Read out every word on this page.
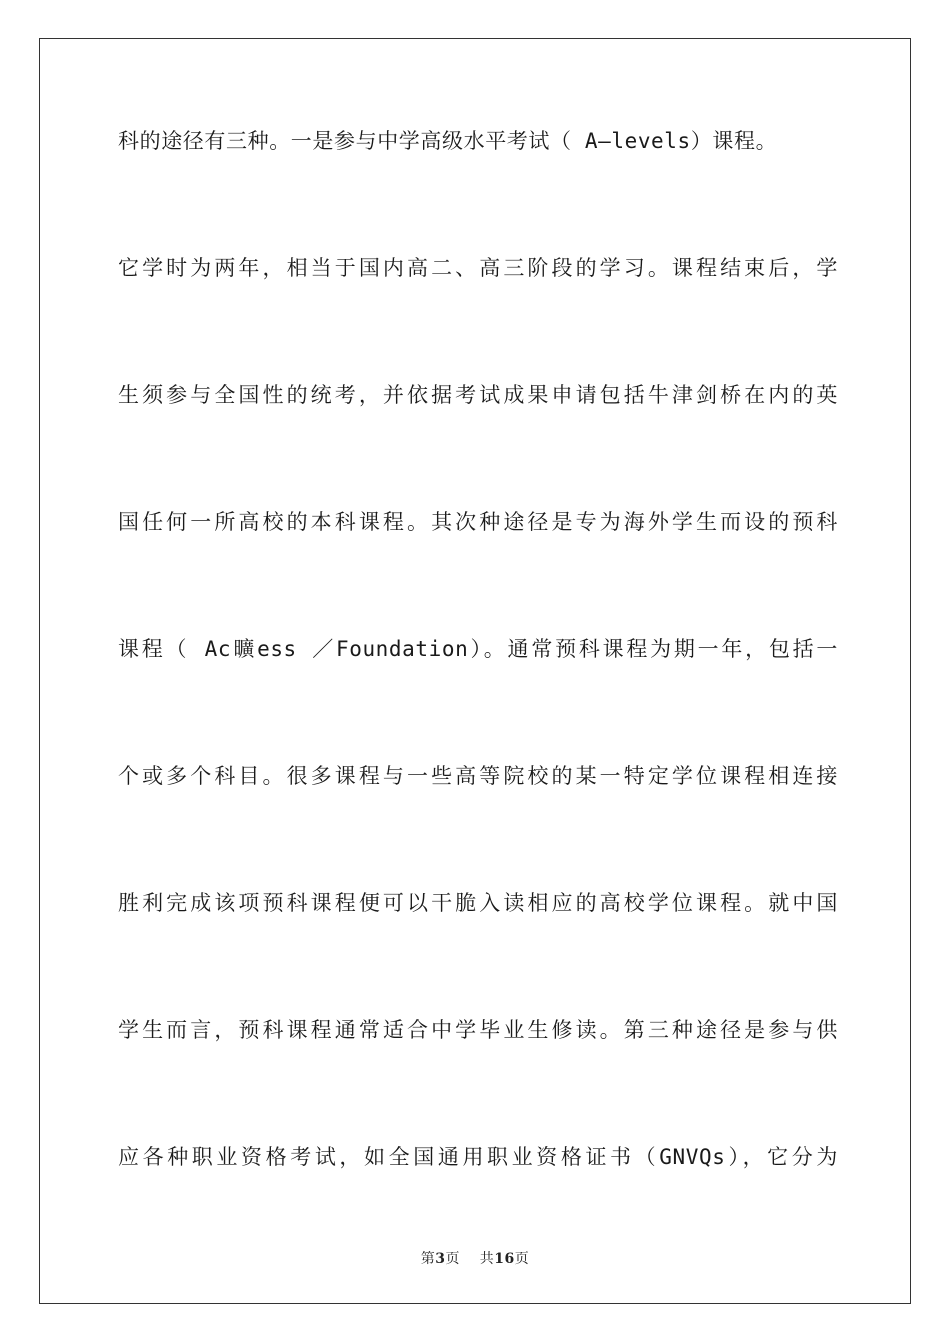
科的途径有三种。一是参与中学高级水平考试（ A—levels）课程。
它学时为两年，相当于国内高二、高三阶段的学习。课程结束后，学
生须参与全国性的统考，并依据考试成果申请包括牛津剑桥在内的英
国任何一所高校的本科课程。其次种途径是专为海外学生而设的预科
课程（ Ac曠ess ／Foundation）。通常预科课程为期一年，包括一
个或多个科目。很多课程与一些高等院校的某一特定学位课程相连接
胜利完成该项预科课程便可以干脆入读相应的高校学位课程。就中国
学生而言，预科课程通常适合中学毕业生修读。第三种途径是参与供
应各种职业资格考试，如全国通用职业资格证书（GNVQs），它分为
第3页 共16页
